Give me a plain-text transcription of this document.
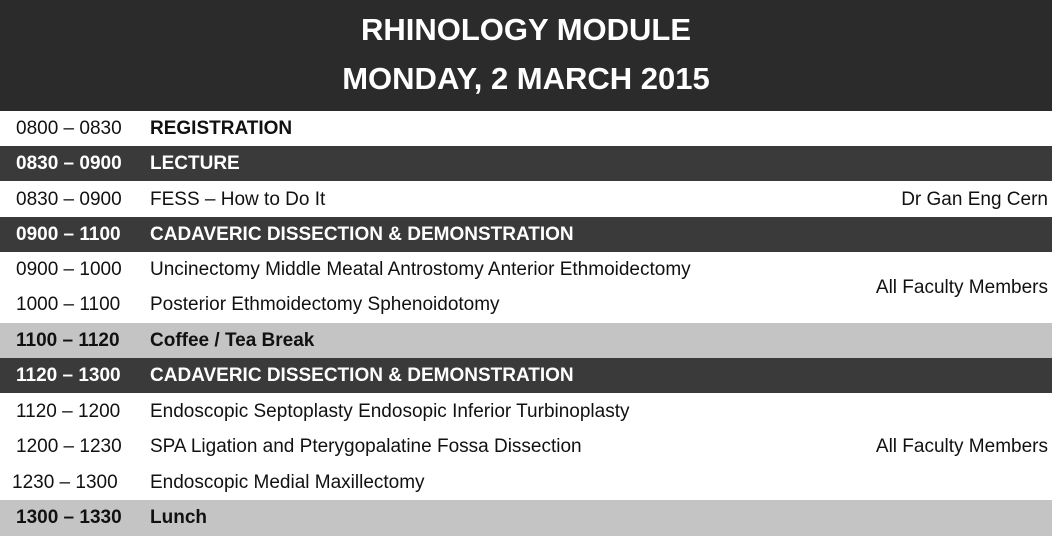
RHINOLOGY MODULE
MONDAY, 2 MARCH 2015
0800 – 0830 REGISTRATION
0830 – 0900 LECTURE
0830 – 0900 FESS – How to Do It	Dr Gan Eng Cern
0900 – 1100 CADAVERIC DISSECTION & DEMONSTRATION
0900 – 1000 Uncinectomy Middle Meatal Antrostomy Anterior Ethmoidectomy
1000 – 1100 Posterior Ethmoidectomy Sphenoidotomy
All Faculty Members
1100 – 1120 Coffee / Tea Break
1120 – 1300 CADAVERIC DISSECTION & DEMONSTRATION
1120 – 1200 Endoscopic Septoplasty Endosopic Inferior Turbinoplasty
1200 – 1230 SPA Ligation and Pterygopalatine Fossa Dissection	All Faculty Members
1230 – 1300 Endoscopic Medial Maxillectomy
1300 – 1330 Lunch
